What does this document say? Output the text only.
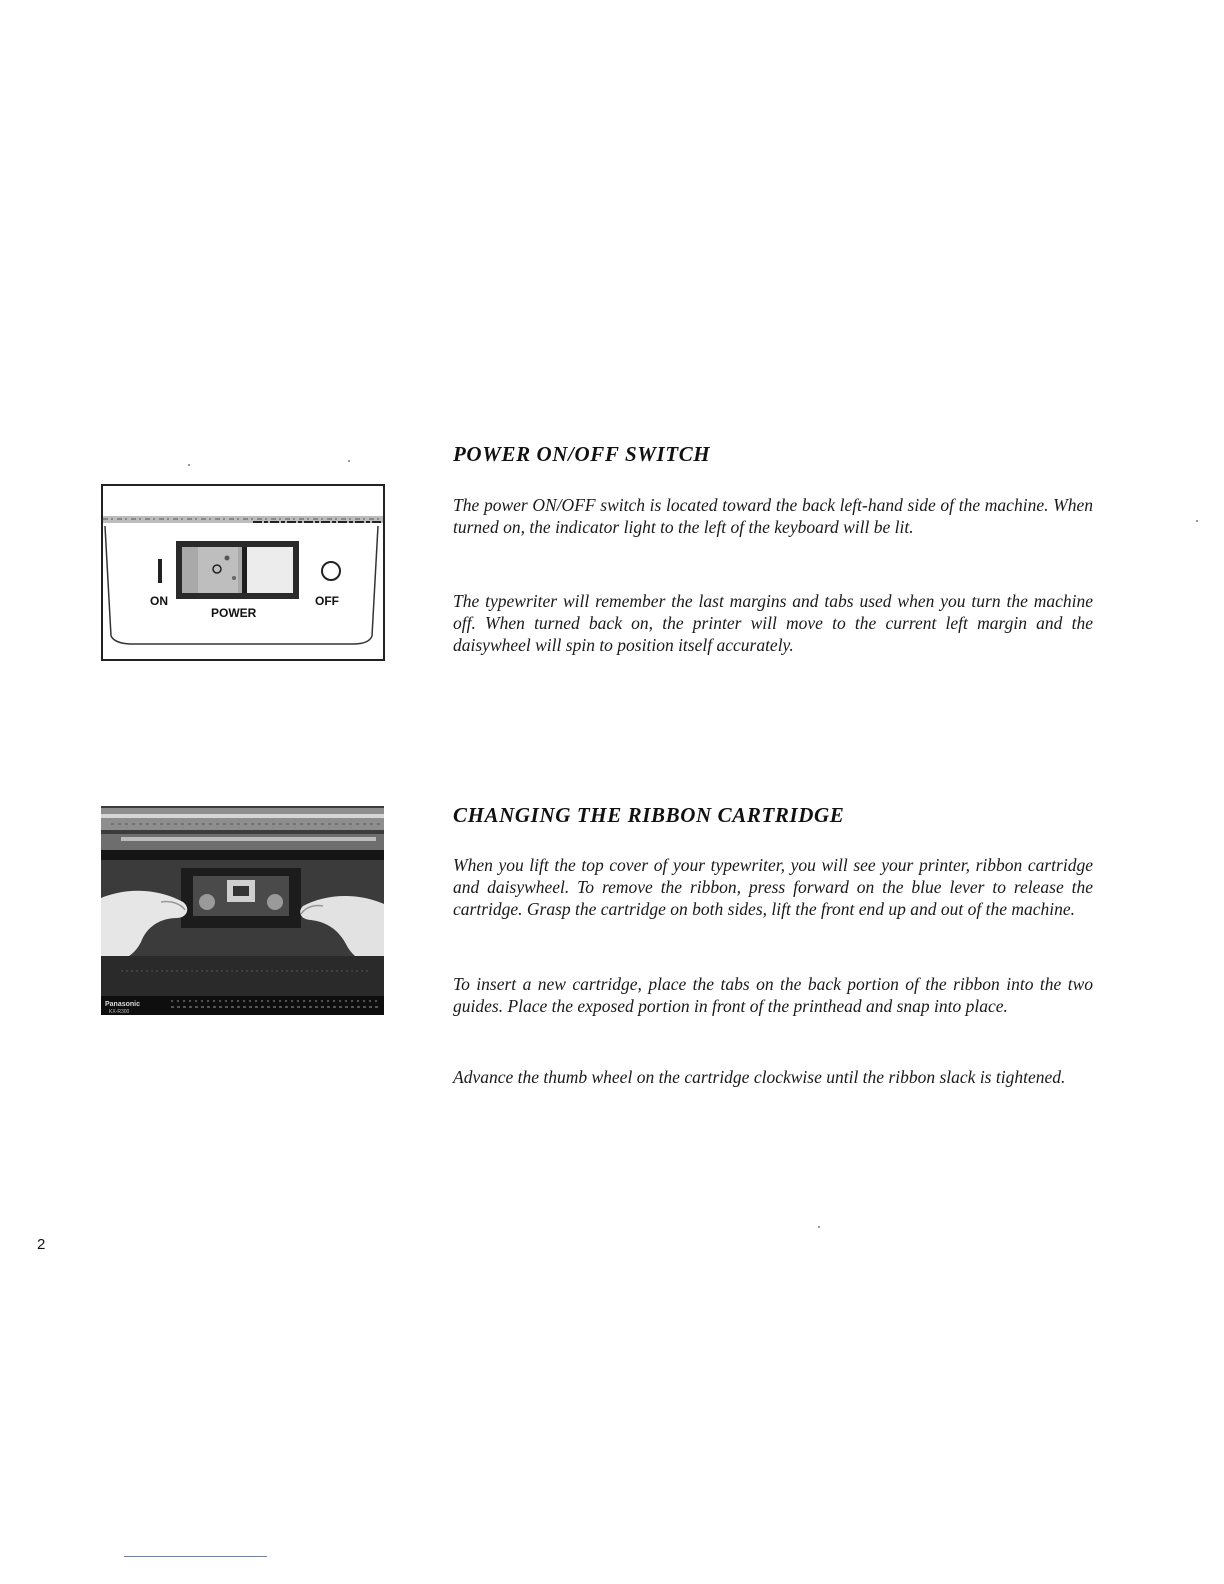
POWER ON/OFF SWITCH

The power ON/OFF switch is located toward the back left-hand side of the machine. When turned on, the indicator light to the left of the keyboard will be lit.

The typewriter will remember the last margins and tabs used when you turn the machine off. When turned back on, the printer will move to the current left margin and the daisywheel will spin to position itself accurately.

ON	OFF
POWER
CHANGING THE RIBBON CARTRIDGE

When you lift the top cover of your typewriter, you will see your printer, ribbon cartridge and daisywheel. To remove the ribbon, press forward on the blue lever to release the cartridge. Grasp the cartridge on both sides, lift the front end up and out of the machine.

To insert a new cartridge, place the tabs on the back portion of the ribbon into the two guides. Place the exposed portion in front of the printhead and snap into place.

Advance the thumb wheel on the cartridge clockwise until the ribbon slack is tightened.

Panasonic
KX-R300

2
